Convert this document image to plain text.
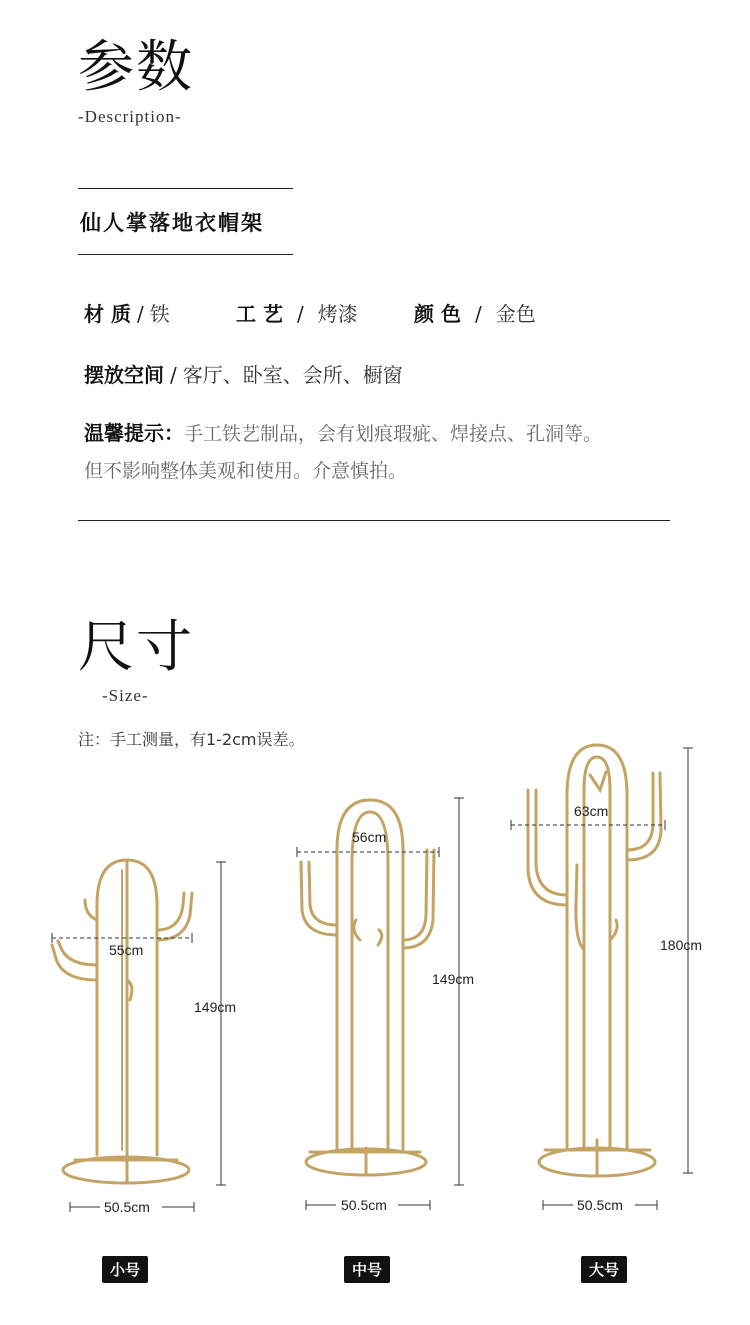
参数
-Description-
仙人掌落地衣帽架
材 质 / 铁	工 艺 / 烤漆	颜 色 / 金色
摆放空间 / 客厅、卧室、会所、橱窗
温馨提示：手工铁艺制品，会有划痕瑕疵、焊接点、孔洞等。
但不影响整体美观和使用。介意慎拍。
尺寸
-Size-
注：手工测量，有1-2cm误差。
55cm
149cm
50.5cm
56cm
149cm
50.5cm
63cm
180cm
50.5cm
小号	中号	大号
